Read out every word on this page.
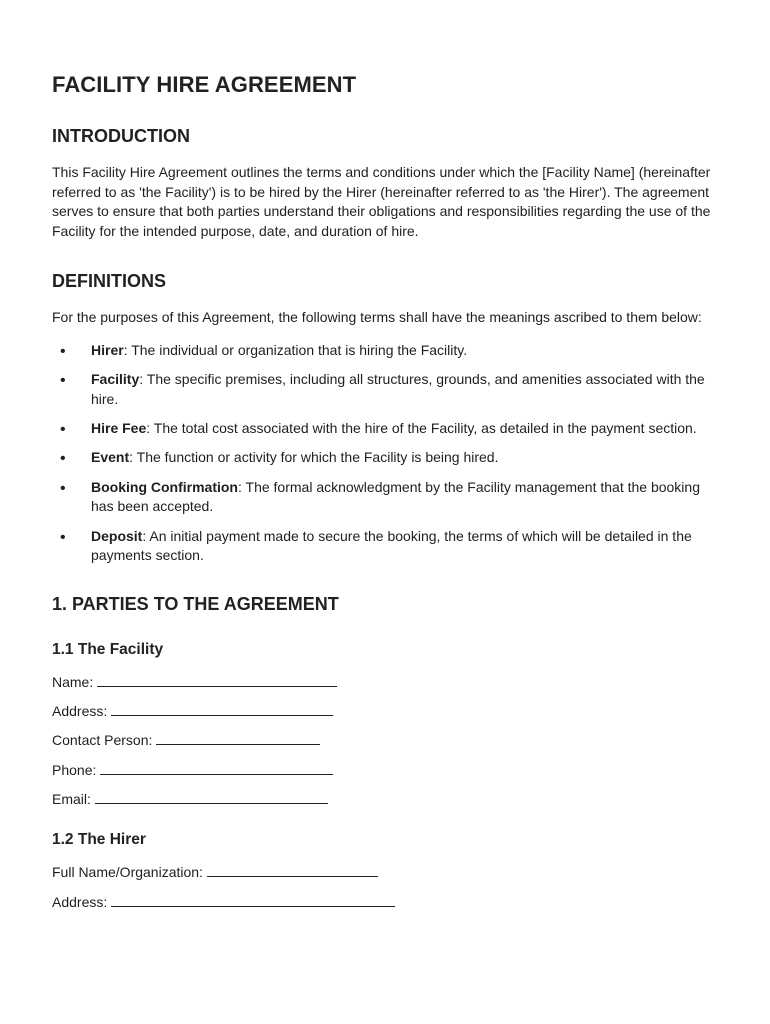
FACILITY HIRE AGREEMENT
INTRODUCTION

This Facility Hire Agreement outlines the terms and conditions under which the [Facility Name] (hereinafter referred to as 'the Facility') is to be hired by the Hirer (hereinafter referred to as 'the Hirer'). The agreement serves to ensure that both parties understand their obligations and responsibilities regarding the use of the Facility for the intended purpose, date, and duration of hire.

DEFINITIONS

For the purposes of this Agreement, the following terms shall have the meanings ascribed to them below:

• Hirer: The individual or organization that is hiring the Facility.
• Facility: The specific premises, including all structures, grounds, and amenities associated with the hire.
• Hire Fee: The total cost associated with the hire of the Facility, as detailed in the payment section.
• Event: The function or activity for which the Facility is being hired.
• Booking Confirmation: The formal acknowledgment by the Facility management that the booking has been accepted.
• Deposit: An initial payment made to secure the booking, the terms of which will be detailed in the payments section.
1. PARTIES TO THE AGREEMENT
1.1 The Facility
Name:
Address:
Contact Person:
Phone:
Email:
1.2 The Hirer
Full Name/Organization:
Address:
